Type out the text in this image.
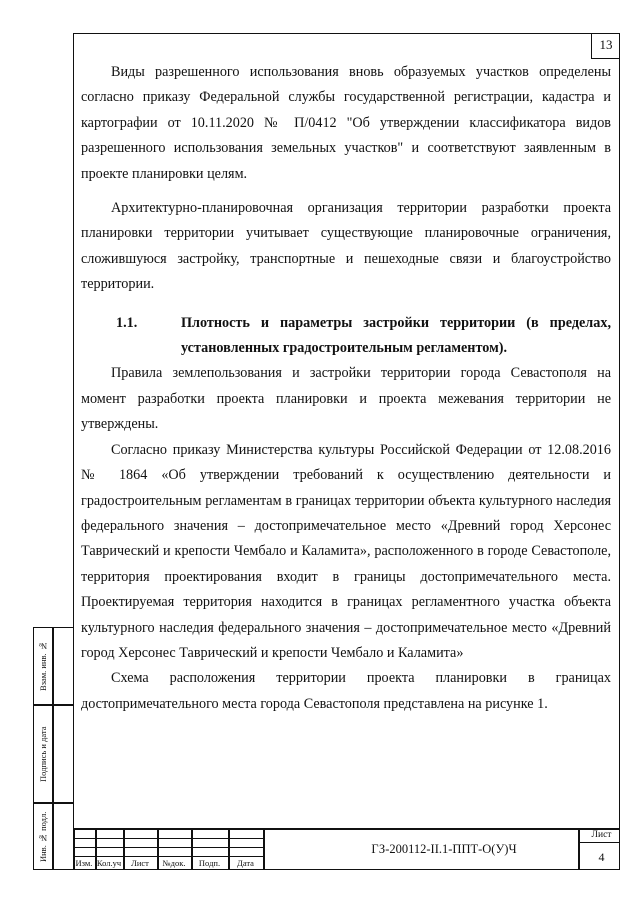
13

Виды разрешенного использования вновь образуемых участков определены согласно приказу Федеральной службы государственной регистрации, кадастра и картографии от 10.11.2020 № П/0412 "Об утверждении классификатора видов разрешенного использования земельных участков" и соответствуют заявленным в проекте планировки целям.

Архитектурно-планировочная организация территории разработки проекта планировки территории учитывает существующие планировочные ограничения, сложившуюся застройку, транспортные и пешеходные связи и благоустройство территории.

1.1.	Плотность и параметры застройки территории (в пределах, установленных градостроительным регламентом).

Правила землепользования и застройки территории города Севастополя на момент разработки проекта планировки и проекта межевания территории не утверждены.

Согласно приказу Министерства культуры Российской Федерации от 12.08.2016 № 1864 «Об утверждении требований к осуществлению деятельности и градостроительным регламентам в границах территории объекта культурного наследия федерального значения – достопримечательное место «Древний город Херсонес Таврический и крепости Чембало и Каламита», расположенного в городе Севастополе, территория проектирования входит в границы достопримечательного места. Проектируемая территория находится в границах регламентного участка объекта культурного наследия федерального значения – достопримечательное место «Древний город Херсонес Таврический и крепости Чембало и Каламита»

Схема расположения территории проекта планировки в границах достопримечательного места города Севастополя представлена на рисунке 1.

Взам. инв. №
Подпись и дата
Инв. № подл.
Изм. Кол.уч	Лист	№док.	Подп.	Дата
ГЗ-200112-II.1-ППТ-О(У)Ч
Лист
4
